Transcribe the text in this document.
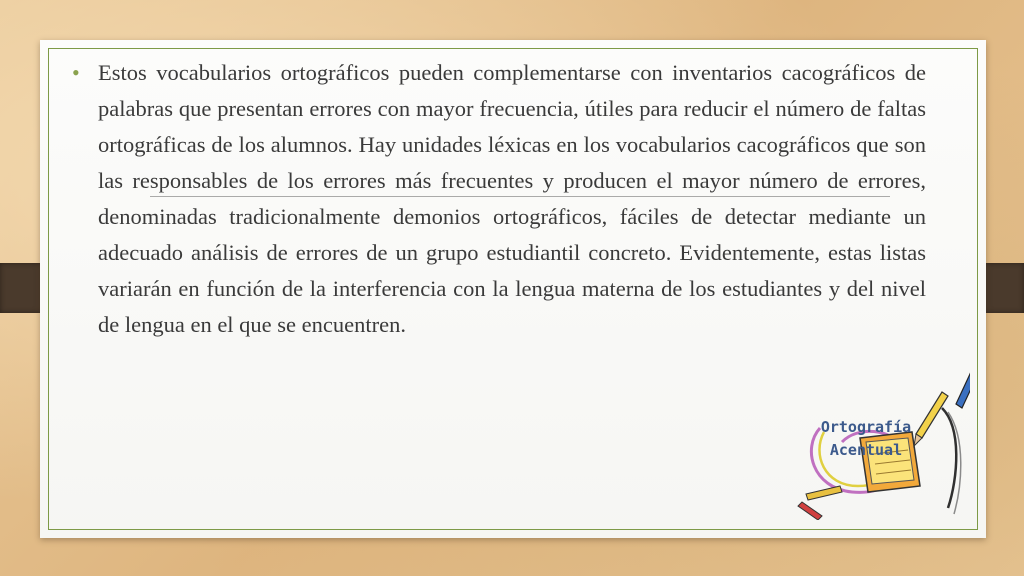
• Estos vocabularios ortográficos pueden complementarse con inventarios cacográficos de palabras que presentan errores con mayor frecuencia, útiles para reducir el número de faltas ortográficas de los alumnos. Hay unidades léxicas en los vocabularios cacográficos que son las responsables de los errores más frecuentes y producen el mayor número de errores, denominadas tradicionalmente demonios ortográficos, fáciles de detectar mediante un adecuado análisis de errores de un grupo estudiantil concreto. Evidentemente, estas listas variarán en función de la interferencia con la lengua materna de los estudiantes y del nivel de lengua en el que se encuentren.

Ortografía
Acentual
